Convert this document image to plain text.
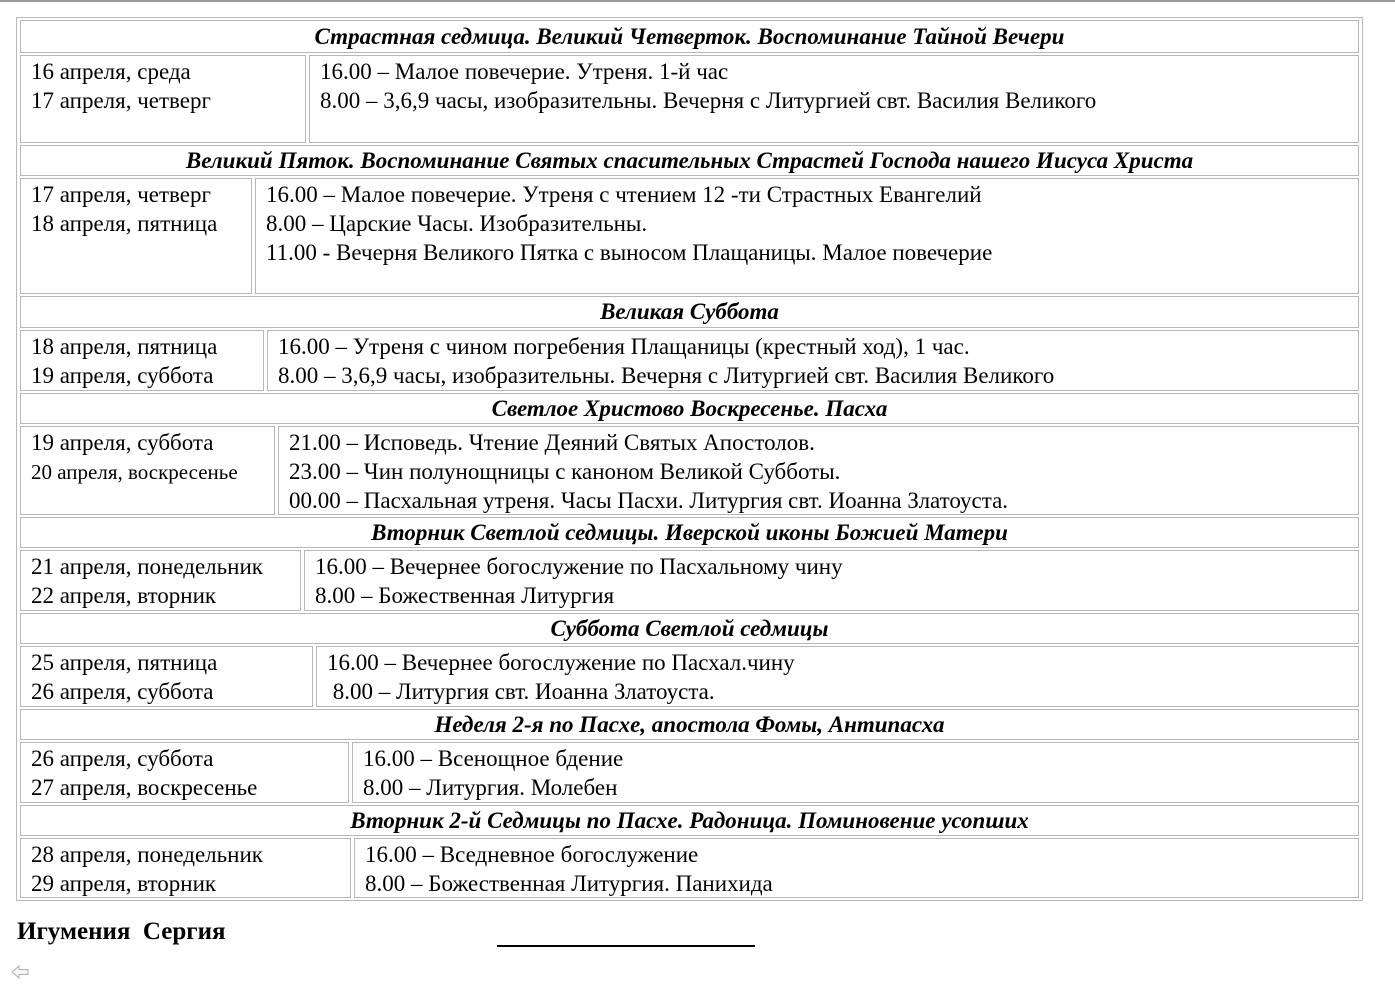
Страстная седмица. Великий Четверток. Воспоминание Тайной Вечери
16 апреля, среда
17 апреля, четверг
16.00 – Малое повечерие. Утреня. 1-й час
8.00 – 3,6,9 часы, изобразительны. Вечерня с Литургией свт. Василия Великого
Великий Пяток. Воспоминание Святых спасительных Страстей Господа нашего Иисуса Христа
17 апреля, четверг
18 апреля, пятница
16.00 – Малое повечерие. Утреня с чтением 12 -ти Страстных Евангелий
8.00 – Царские Часы. Изобразительны.
11.00 - Вечерня Великого Пятка с выносом Плащаницы. Малое повечерие
Великая Суббота
18 апреля, пятница
19 апреля, суббота
16.00 – Утреня с чином погребения Плащаницы (крестный ход), 1 час.
8.00 – 3,6,9 часы, изобразительны. Вечерня с Литургией свт. Василия Великого
Светлое Христово Воскресенье. Пасха
19 апреля, суббота
20 апреля, воскресенье
21.00 – Исповедь. Чтение Деяний Святых Апостолов.
23.00 – Чин полунощницы с каноном Великой Субботы.
00.00 – Пасхальная утреня. Часы Пасхи. Литургия свт. Иоанна Златоуста.
Вторник Светлой седмицы. Иверской иконы Божией Матери
21 апреля, понедельник
22 апреля, вторник
16.00 – Вечернее богослужение по Пасхальному чину
8.00 – Божественная Литургия
Суббота Светлой седмицы
25 апреля, пятница
26 апреля, суббота
16.00 – Вечернее богослужение по Пасхал.чину
8.00 – Литургия свт. Иоанна Златоуста.
Неделя 2-я по Пасхе, апостола Фомы, Антипасха
26 апреля, суббота
27 апреля, воскресенье
16.00 – Всенощное бдение
8.00 – Литургия. Молебен
Вторник 2-й Седмицы по Пасхе. Радоница. Поминовение усопших
28 апреля, понедельник
29 апреля, вторник
16.00 – Вседневное богослужение
8.00 – Божественная Литургия. Панихида
Игумения  Сергия
